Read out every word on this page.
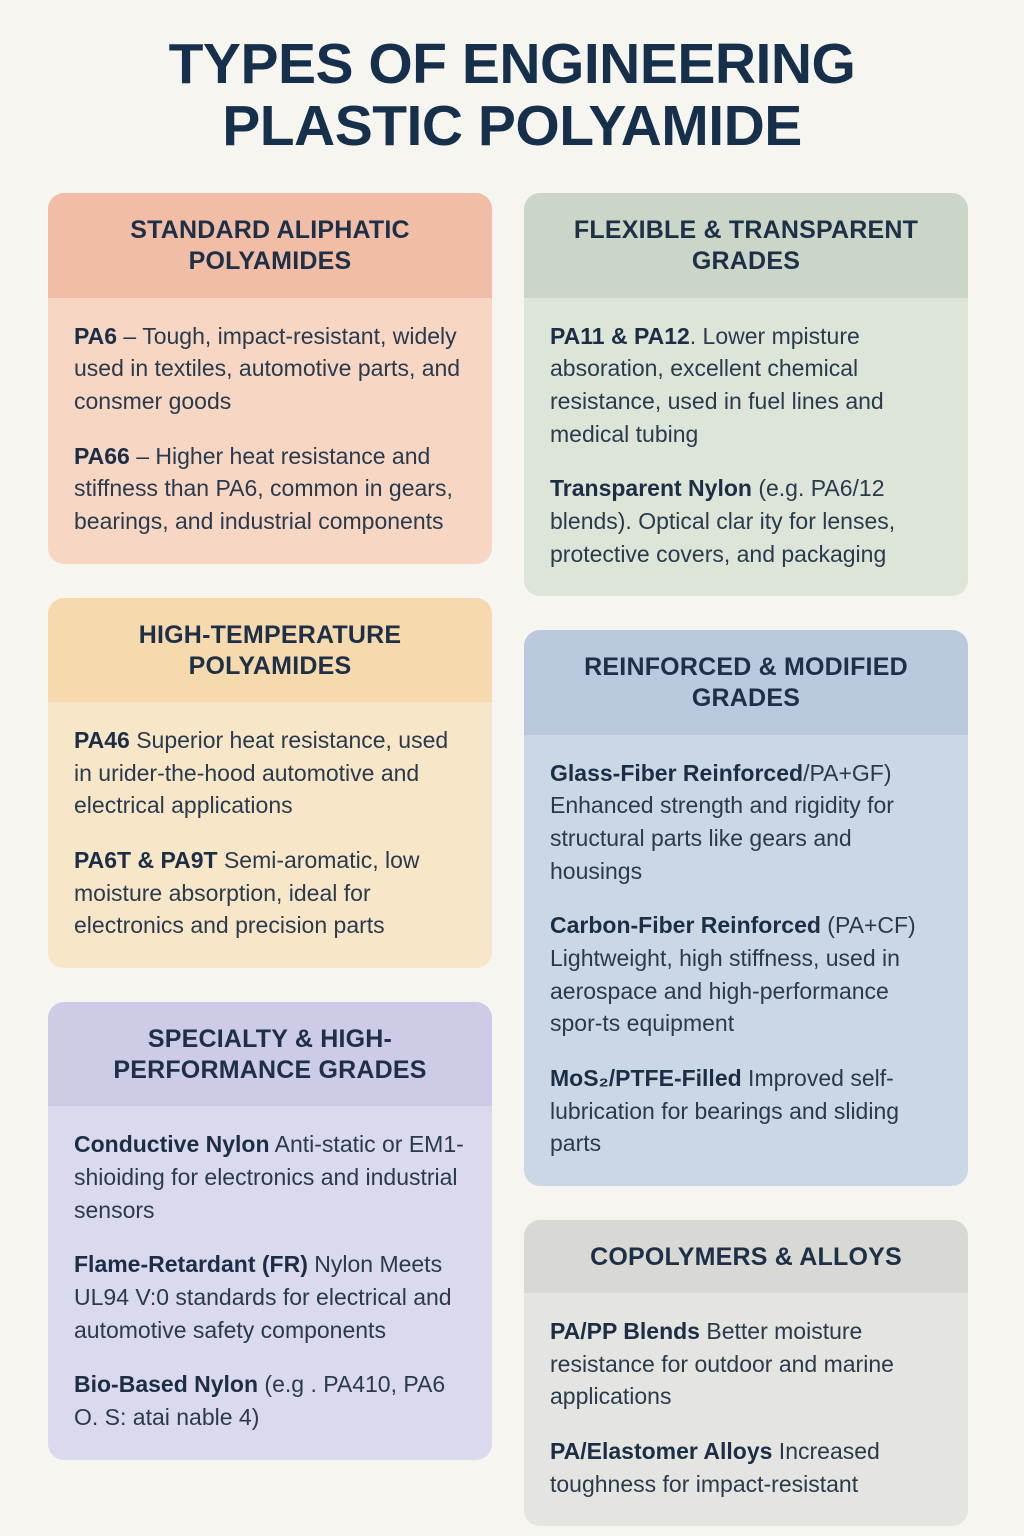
TYPES OF ENGINEERING PLASTIC POLYAMIDE
STANDARD ALIPHATIC POLYAMIDES

PA6 – Tough, impact-resistant, widely used in textiles, automotive parts, and consmer goods

PA66 – Higher heat resistance and stiffness than PA6, common in gears, bearings, and industrial components

HIGH-TEMPERATURE POLYAMIDES

PA46 Superior heat resistance, used in urider-the-hood automotive and electrical applications

PA6T & PA9T Semi-aromatic, low moisture absorption, ideal for electronics and precision parts

SPECIALTY & HIGH-PERFORMANCE GRADES

Conductive Nylon Anti-static or EM1-shioiding for electronics and industrial sensors

Flame-Retardant (FR) Nylon Meets UL94 V:0 standards for electrical and automotive safety components

Bio-Based Nylon (e.g . PA410, PA6 O. S: atai nable 4)

FLEXIBLE & TRANSPARENT GRADES

PA11 & PA12. Lower mpisture absoration, excellent chemical resistance, used in fuel lines and medical tubing

Transparent Nylon (e.g. PA6/12 blends). Optical clar ity for lenses, protective covers, and packaging

REINFORCED & MODIFIED GRADES

Glass-Fiber Reinforced/PA+GF) Enhanced strength and rigidity for structural parts like gears and housings

Carbon-Fiber Reinforced (PA+CF) Lightweight, high stiffness, used in aerospace and high-performance spor-ts equipment

MoS₂/PTFE-Filled Improved self-lubrication for bearings and sliding parts

COPOLYMERS & ALLOYS

PA/PP Blends Better moisture resistance for outdoor and marine applications

PA/Elastomer Alloys Increased toughness for impact-resistant
